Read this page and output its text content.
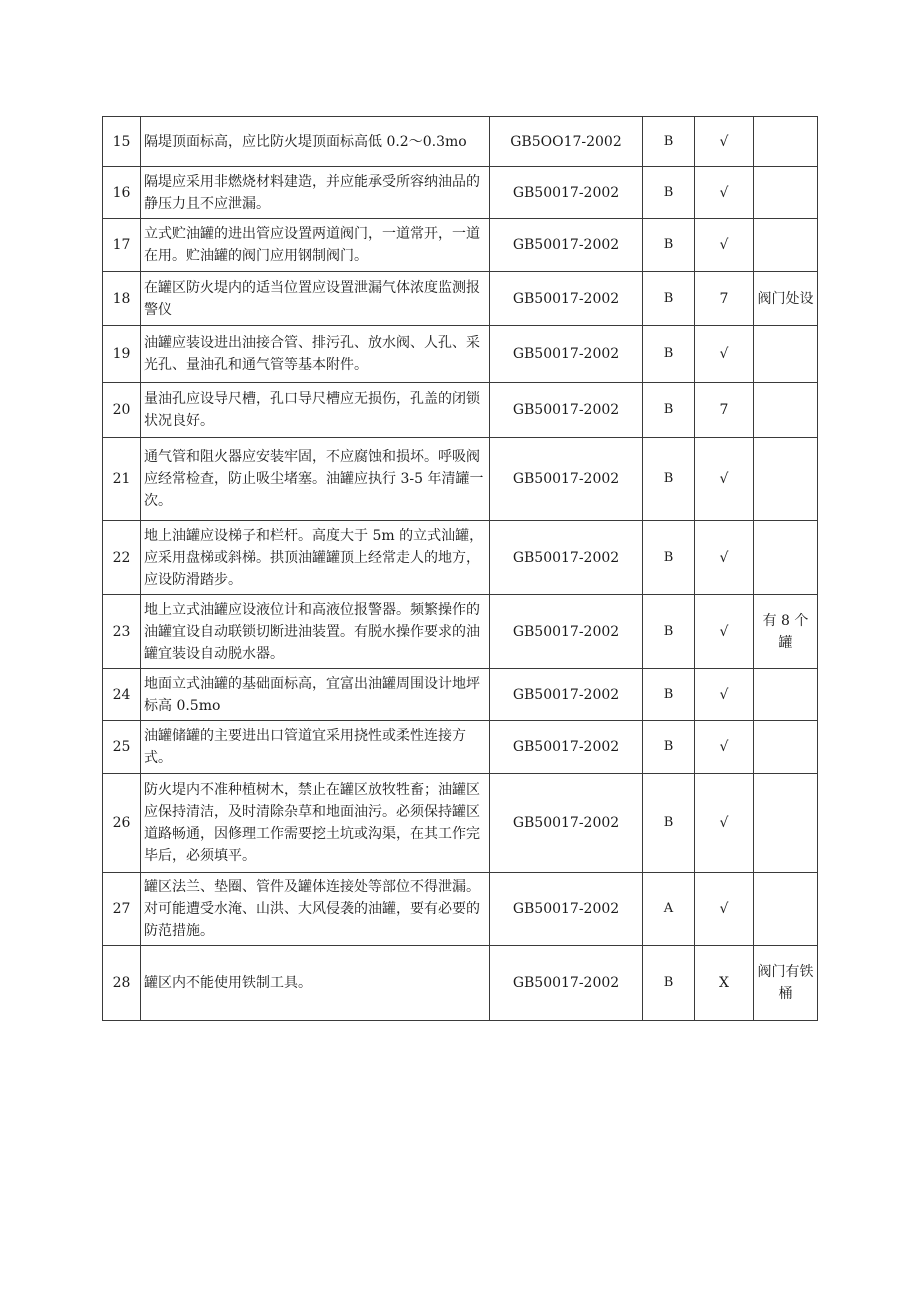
15	隔堤顶面标高，应比防火堤顶面标高低 0.2～0.3mo	GB5OO17-2002	B	√	
16	隔堤应采用非燃烧材料建造，并应能承受所容纳油品的静压力且不应泄漏。	GB50017-2002	B	√	
17	立式贮油罐的进出管应设置两道阀门，一道常开，一道在用。贮油罐的阀门应用钢制阀门。	GB50017-2002	B	√	
18	在罐区防火堤内的适当位置应设置泄漏气体浓度监测报警仪	GB50017-2002	B	7	阀门处设
19	油罐应装设进出油接合管、排污孔、放水阀、人孔、采光孔、量油孔和通气管等基本附件。	GB50017-2002	B	√	
20	量油孔应设导尺槽，孔口导尺槽应无损伤，孔盖的闭锁状况良好。	GB50017-2002	B	7	
21	通气管和阻火器应安装牢固，不应腐蚀和损坏。呼吸阀应经常检查，防止吸尘堵塞。油罐应执行 3-5 年清罐一次。	GB50017-2002	B	√	
22	地上油罐应设梯子和栏杆。高度大于 5m 的立式汕罐，应采用盘梯或斜梯。拱顶油罐罐顶上经常走人的地方，应设防滑踏步。	GB50017-2002	B	√	
23	地上立式油罐应设液位计和高液位报警器。频繁操作的油罐宜设自动联锁切断进油装置。有脱水操作要求的油罐宜装设自动脱水器。	GB50017-2002	B	√	有 8 个罐
24	地面立式油罐的基础面标高，宜富出油罐周围设计地坪标高 0.5mo	GB50017-2002	B	√	
25	油罐储罐的主要进出口管道宜采用挠性或柔性连接方式。	GB50017-2002	B	√	
26	防火堤内不准种植树木，禁止在罐区放牧牲畜；油罐区应保持清洁，及时清除杂草和地面油污。必须保持罐区道路畅通，因修理工作需要挖土坑或沟渠，在其工作完毕后，必须填平。	GB50017-2002	B	√	
27	罐区法兰、垫圈、管件及罐体连接处等部位不得泄漏。对可能遭受水淹、山洪、大风侵袭的油罐，要有必要的防范措施。	GB50017-2002	A	√	
28	罐区内不能使用铁制工具。	GB50017-2002	B	X	阀门有铁桶
